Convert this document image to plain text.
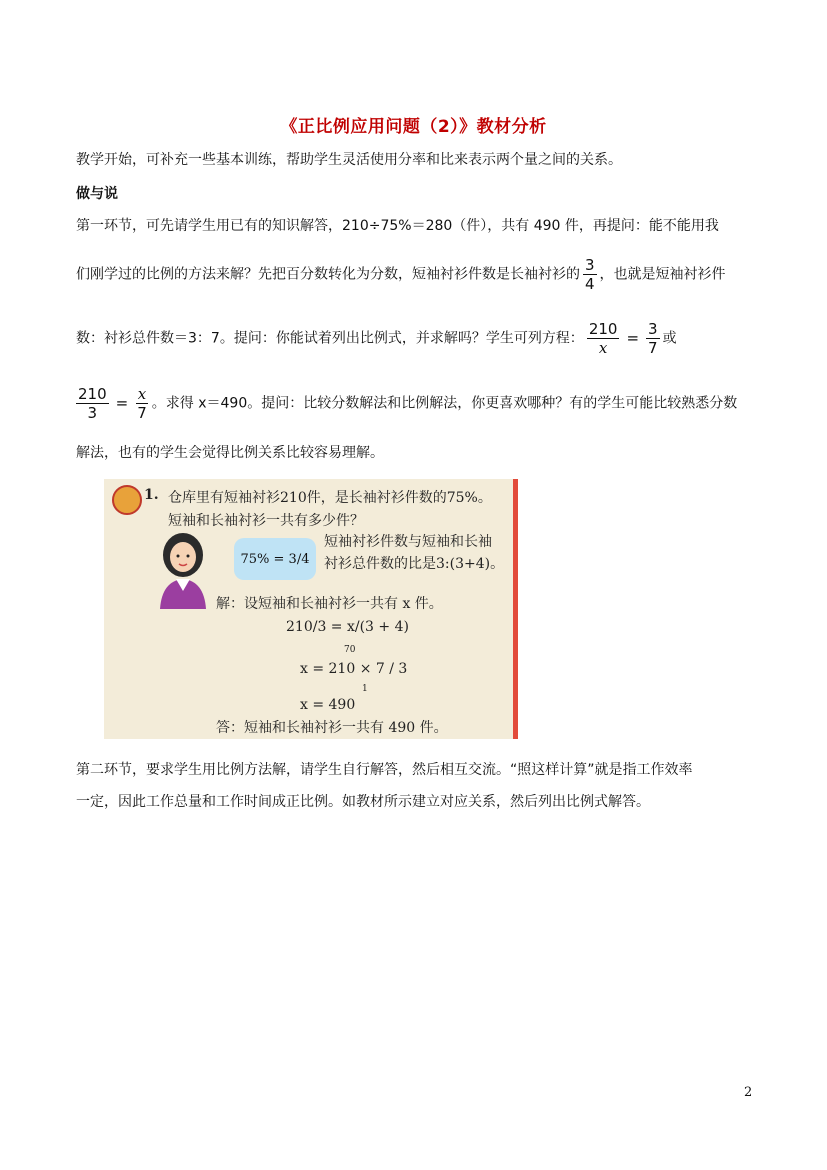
《正比例应用问题（2）》教材分析
教学开始，可补充一些基本训练，帮助学生灵活使用分率和比来表示两个量之间的关系。
做与说
第一环节，可先请学生用已有的知识解答，210÷75%＝280（件），共有 490 件，再提问：能不能用我
们刚学过的比例的方法来解？先把百分数转化为分数，短袖衬衫件数是长袖衬衫的 $\frac{3}{4}$ ，也就是短袖衬衫件
数：衬衫总件数＝3：7。提问：你能试着列出比例式，并求解吗？学生可列方程： $\frac{210}{x} = \frac{3}{7}$ 或
$\frac{210}{3} = \frac{x}{7}$ 。求得 x＝490。提问：比较分数解法和比例解法，你更喜欢哪种？有的学生可能比较熟悉分数
解法，也有的学生会觉得比例关系比较容易理解。
1. 仓库里有短袖衬衫210件，是长袖衬衫件数的75%。
短袖和长袖衬衫一共有多少件？
75% = 3/4
短袖衬衫件数与短袖和长袖
衬衫总件数的比是3:(3+4)。
解：设短袖和长袖衬衫一共有 x 件。
210/3 = x/(3 + 4)
70
x = 210 × 7 / 3
1
x = 490
答：短袖和长袖衬衫一共有 490 件。
第二环节，要求学生用比例方法解，请学生自行解答，然后相互交流。“照这样计算”就是指工作效率
一定，因此工作总量和工作时间成正比例。如教材所示建立对应关系，然后列出比例式解答。
2
